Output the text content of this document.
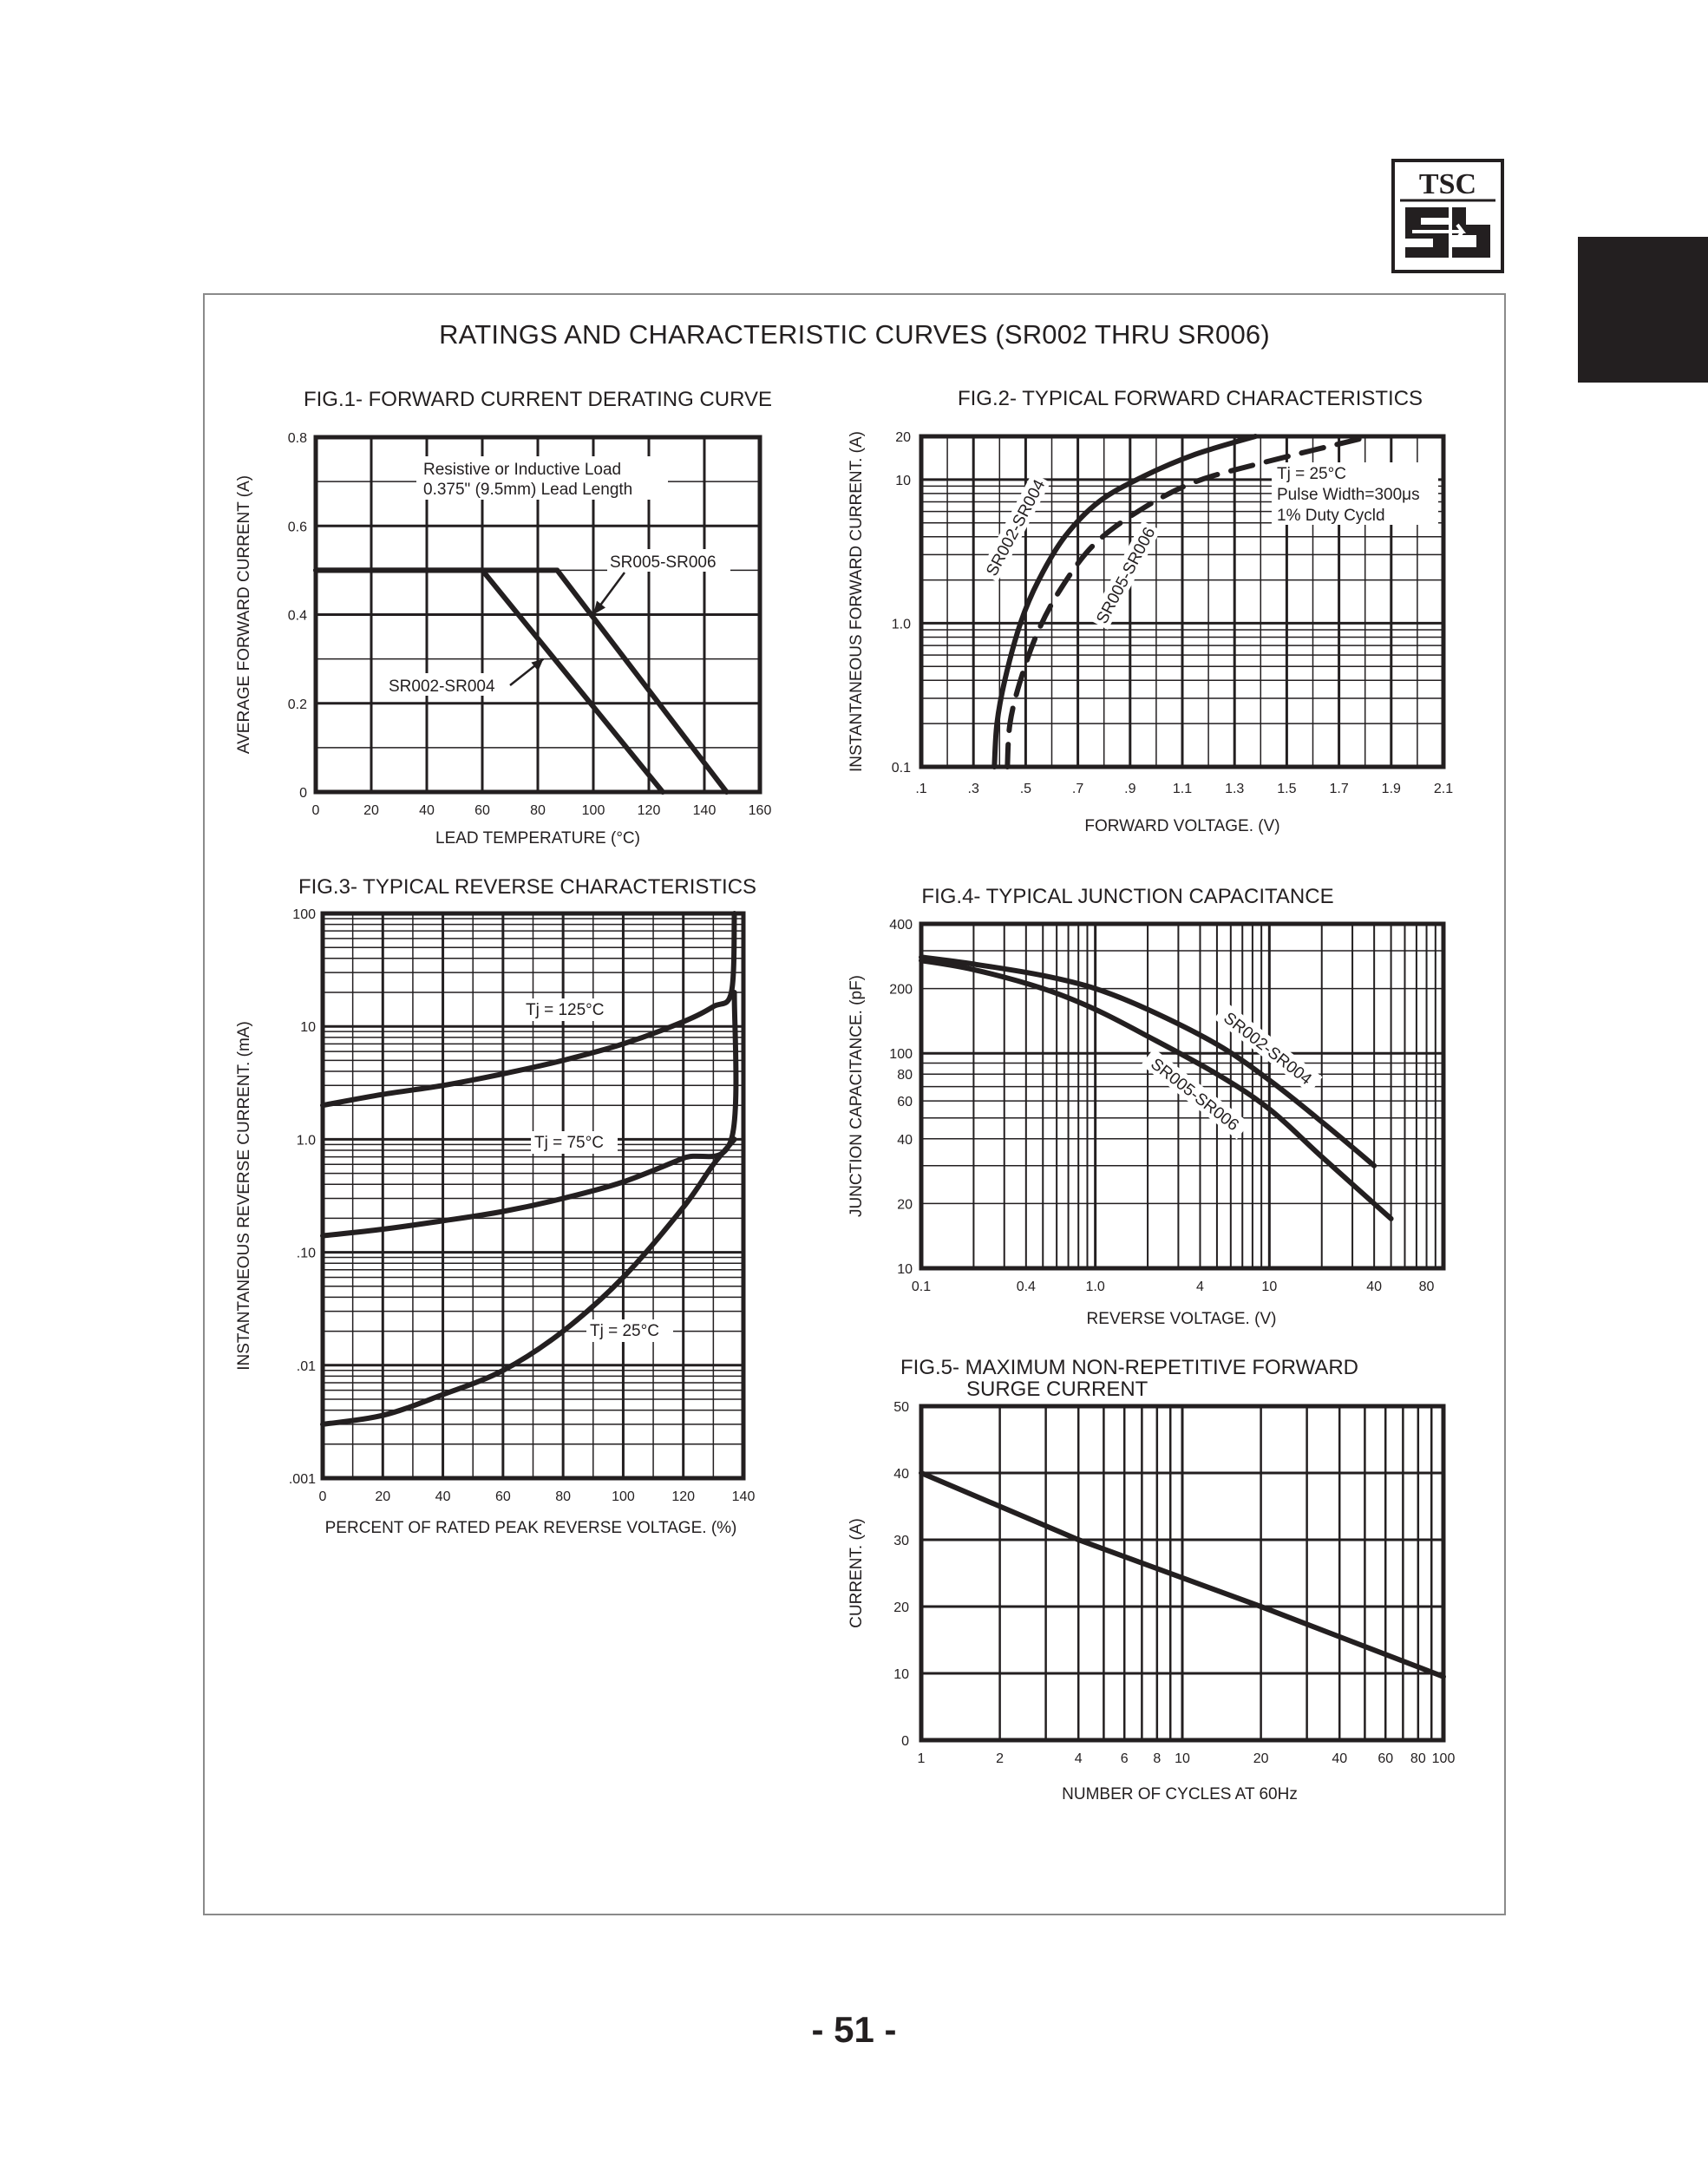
TSC
RATINGS AND CHARACTERISTIC CURVES (SR002 THRU SR006)
- 51 -
0	20	40	60	80	100 120 140 160
0
0.2
0.4
0.6
0.8
FIG.1- FORWARD CURRENT DERATING CURVE
LEAD TEMPERATURE (°C)
AVERAGE FORWARD CURRENT (A)
Resistive or Inductive Load
0.375" (9.5mm) Lead Length
SR002-SR004
SR005-SR006
20
10
1.0
0.1
.1	.3	.5	.7	.9	1.1 1.3 1.5 1.7 1.9 2.1
FIG.2- TYPICAL FORWARD CHARACTERISTICS
FORWARD VOLTAGE. (V)
INSTANTANEOUS FORWARD CURRENT. (A)	Tj = 25°C
Pulse Width=300μs
1% Duty Cycld
SR002-SR004	SR005-SR006
100
10
1.0
.10
.01
.001
0	20	40	60	80	100	120	140
FIG.3- TYPICAL REVERSE CHARACTERISTICS
PERCENT OF RATED PEAK REVERSE VOLTAGE. (%)
INSTANTANEOUS REVERSE CURRENT. (mA)
Tj = 125°C
Tj = 75°C
Tj = 25°C
400
200
100
80
60
40
20
10
0.1	0.4	1.0	4	10	40	80
FIG.4- TYPICAL JUNCTION CAPACITANCE
REVERSE VOLTAGE. (V)
JUNCTION CAPACITANCE. (pF)	SR002-SR004
SR005-SR006
0
10
20
30
40
50
1	2	4	6 8 10	20	40 60 80 100
FIG.5- MAXIMUM NON-REPETITIVE FORWARD
SURGE CURRENT
NUMBER OF CYCLES AT 60Hz
CURRENT. (A)
